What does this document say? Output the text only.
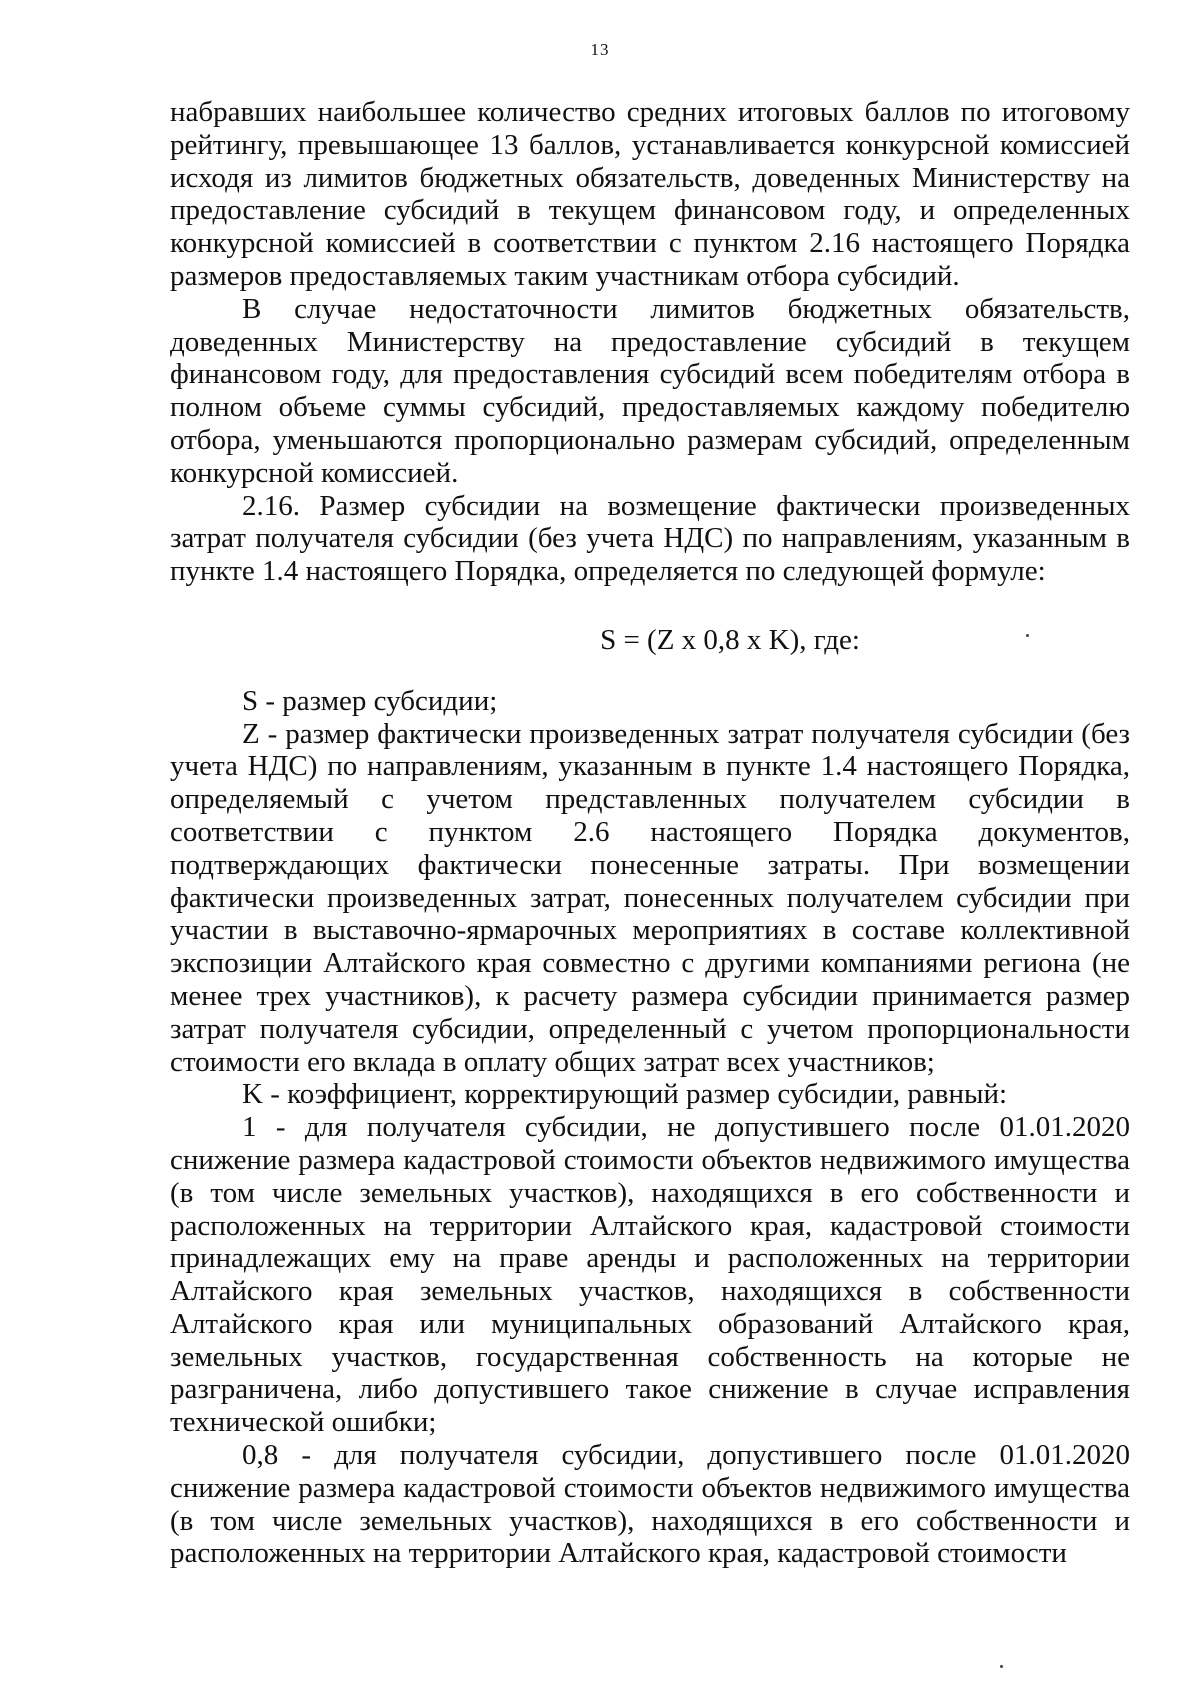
13

набравших наибольшее количество средних итоговых баллов по итоговому рейтингу, превышающее 13 баллов, устанавливается конкурсной комиссией исходя из лимитов бюджетных обязательств, доведенных Министерству на предоставление субсидий в текущем финансовом году, и определенных конкурсной комиссией в соответствии с пунктом 2.16 настоящего Порядка размеров предоставляемых таким участникам отбора субсидий.

В случае недостаточности лимитов бюджетных обязательств, доведенных Министерству на предоставление субсидий в текущем финансовом году, для предоставления субсидий всем победителям отбора в полном объеме суммы субсидий, предоставляемых каждому победителю отбора, уменьшаются пропорционально размерам субсидий, определенным конкурсной комиссией.

2.16. Размер субсидии на возмещение фактически произведенных затрат получателя субсидии (без учета НДС) по направлениям, указанным в пункте 1.4 настоящего Порядка, определяется по следующей формуле:

S = (Z x 0,8 x K), где:

S - размер субсидии;

Z - размер фактически произведенных затрат получателя субсидии (без учета НДС) по направлениям, указанным в пункте 1.4 настоящего Порядка, определяемый с учетом представленных получателем субсидии в соответствии с пунктом 2.6 настоящего Порядка документов, подтверждающих фактически понесенные затраты. При возмещении фактически произведенных затрат, понесенных получателем субсидии при участии в выставочно-ярмарочных мероприятиях в составе коллективной экспозиции Алтайского края совместно с другими компаниями региона (не менее трех участников), к расчету размера субсидии принимается размер затрат получателя субсидии, определенный с учетом пропорциональности стоимости его вклада в оплату общих затрат всех участников;

K - коэффициент, корректирующий размер субсидии, равный:

1 - для получателя субсидии, не допустившего после 01.01.2020 снижение размера кадастровой стоимости объектов недвижимого имущества (в том числе земельных участков), находящихся в его собственности и расположенных на территории Алтайского края, кадастровой стоимости принадлежащих ему на праве аренды и расположенных на территории Алтайского края земельных участков, находящихся в собственности Алтайского края или муниципальных образований Алтайского края, земельных участков, государственная собственность на которые не разграничена, либо допустившего такое снижение в случае исправления технической ошибки;

0,8 - для получателя субсидии, допустившего после 01.01.2020 снижение размера кадастровой стоимости объектов недвижимого имущества (в том числе земельных участков), находящихся в его собственности и расположенных на территории Алтайского края, кадастровой стоимости
